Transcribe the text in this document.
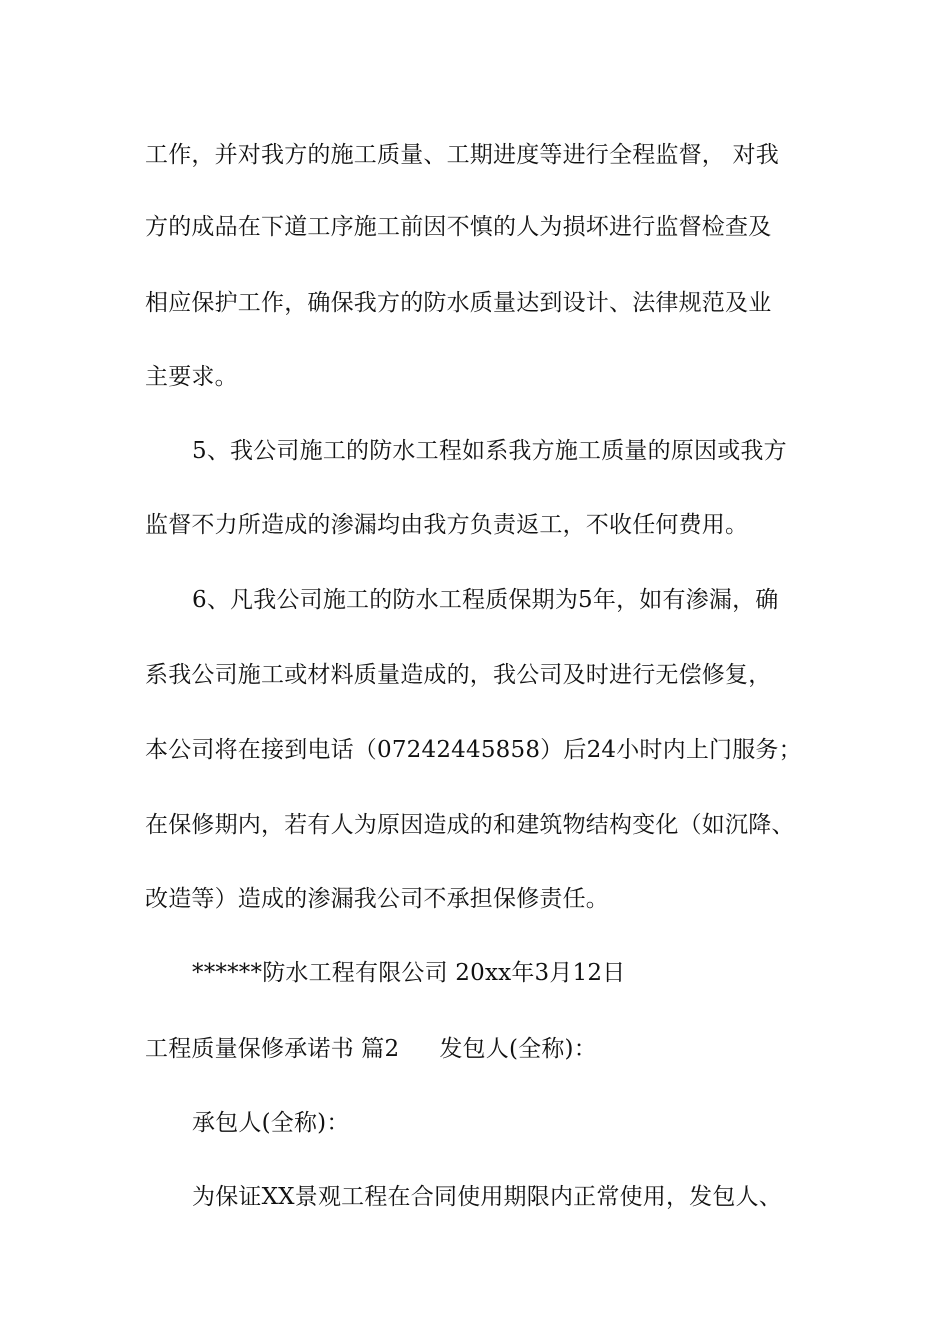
工作，并对我方的施工质量、工期进度等进行全程监督， 对我
方的成品在下道工序施工前因不慎的人为损坏进行监督检查及
相应保护工作，确保我方的防水质量达到设计、法律规范及业
主要求。
5、我公司施工的防水工程如系我方施工质量的原因或我方
监督不力所造成的渗漏均由我方负责返工，不收任何费用。
6、凡我公司施工的防水工程质保期为5年，如有渗漏，确
系我公司施工或材料质量造成的，我公司及时进行无偿修复，
本公司将在接到电话（07242445858）后24小时内上门服务；
在保修期内，若有人为原因造成的和建筑物结构变化（如沉降、
改造等）造成的渗漏我公司不承担保修责任。
******防水工程有限公司 20xx年3月12日
工程质量保修承诺书 篇2 发包人(全称)：
承包人(全称)：
为保证XX景观工程在合同使用期限内正常使用，发包人、
